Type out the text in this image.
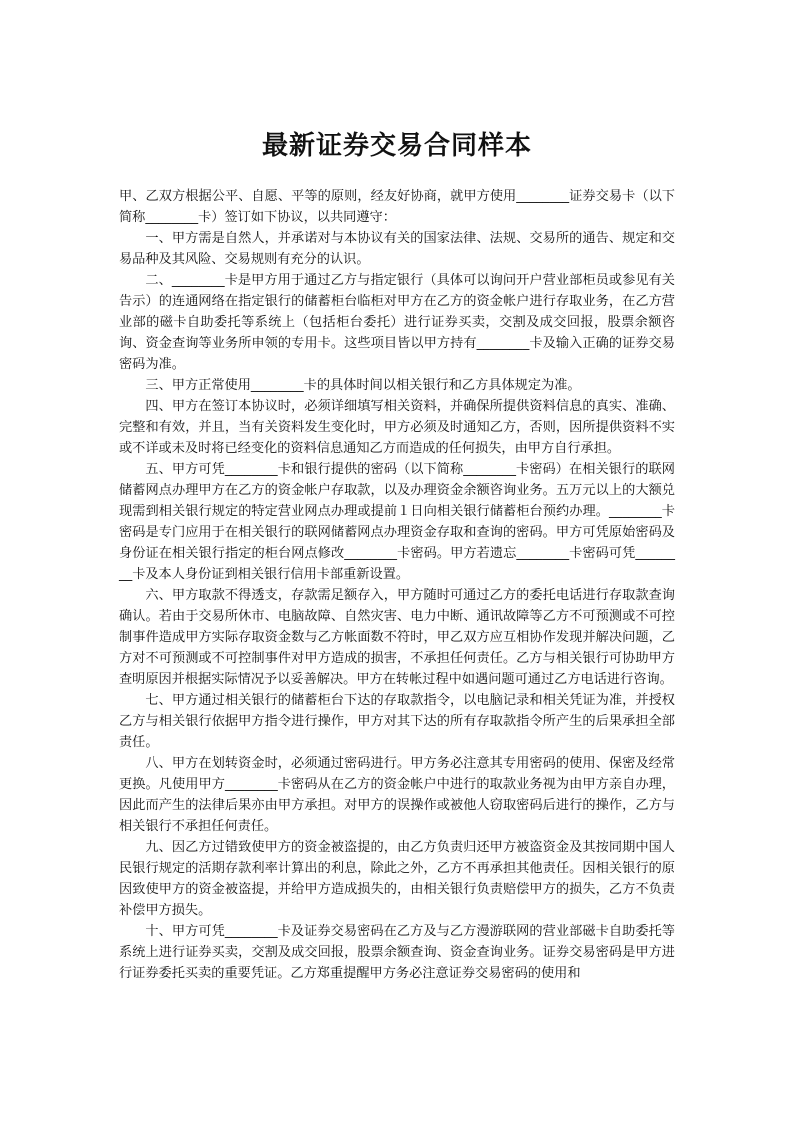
最新证券交易合同样本

甲、乙双方根据公平、自愿、平等的原则，经友好协商，就甲方使用________证券交易卡（以下简称________卡）签订如下协议，以共同遵守：

一、甲方需是自然人，并承诺对与本协议有关的国家法律、法规、交易所的通告、规定和交易品种及其风险、交易规则有充分的认识。

二、________卡是甲方用于通过乙方与指定银行（具体可以询问开户营业部柜员或参见有关告示）的连通网络在指定银行的储蓄柜台临柜对甲方在乙方的资金帐户进行存取业务，在乙方营业部的磁卡自助委托等系统上（包括柜台委托）进行证券买卖，交割及成交回报，股票余额咨询、资金查询等业务所申领的专用卡。这些项目皆以甲方持有________卡及输入正确的证券交易密码为准。

三、甲方正常使用________卡的具体时间以相关银行和乙方具体规定为准。

四、甲方在签订本协议时，必须详细填写相关资料，并确保所提供资料信息的真实、准确、完整和有效，并且，当有关资料发生变化时，甲方必须及时通知乙方，否则，因所提供资料不实或不详或未及时将已经变化的资料信息通知乙方而造成的任何损失，由甲方自行承担。

五、甲方可凭________卡和银行提供的密码（以下简称________卡密码）在相关银行的联网储蓄网点办理甲方在乙方的资金帐户存取款，以及办理资金余额咨询业务。五万元以上的大额兑现需到相关银行规定的特定营业网点办理或提前１日向相关银行储蓄柜台预约办理。________卡密码是专门应用于在相关银行的联网储蓄网点办理资金存取和查询的密码。甲方可凭原始密码及身份证在相关银行指定的柜台网点修改________卡密码。甲方若遗忘________卡密码可凭________卡及本人身份证到相关银行信用卡部重新设置。

六、甲方取款不得透支，存款需足额存入，甲方随时可通过乙方的委托电话进行存取款查询确认。若由于交易所休市、电脑故障、自然灾害、电力中断、通讯故障等乙方不可预测或不可控制事件造成甲方实际存取资金数与乙方帐面数不符时，甲乙双方应互相协作发现并解决问题，乙方对不可预测或不可控制事件对甲方造成的损害，不承担任何责任。乙方与相关银行可协助甲方查明原因并根据实际情况予以妥善解决。甲方在转帐过程中如遇问题可通过乙方电话进行咨询。

七、甲方通过相关银行的储蓄柜台下达的存取款指令，以电脑记录和相关凭证为准，并授权乙方与相关银行依据甲方指令进行操作，甲方对其下达的所有存取款指令所产生的后果承担全部责任。

八、甲方在划转资金时，必须通过密码进行。甲方务必注意其专用密码的使用、保密及经常更换。凡使用甲方________卡密码从在乙方的资金帐户中进行的取款业务视为由甲方亲自办理，因此而产生的法律后果亦由甲方承担。对甲方的误操作或被他人窃取密码后进行的操作，乙方与相关银行不承担任何责任。

九、因乙方过错致使甲方的资金被盗提的，由乙方负责归还甲方被盗资金及其按同期中国人民银行规定的活期存款利率计算出的利息，除此之外，乙方不再承担其他责任。因相关银行的原因致使甲方的资金被盗提，并给甲方造成损失的，由相关银行负责赔偿甲方的损失，乙方不负责补偿甲方损失。

十、甲方可凭________卡及证券交易密码在乙方及与乙方漫游联网的营业部磁卡自助委托等系统上进行证券买卖，交割及成交回报，股票余额查询、资金查询业务。证券交易密码是甲方进行证券委托买卖的重要凭证。乙方郑重提醒甲方务必注意证券交易密码的使用和
